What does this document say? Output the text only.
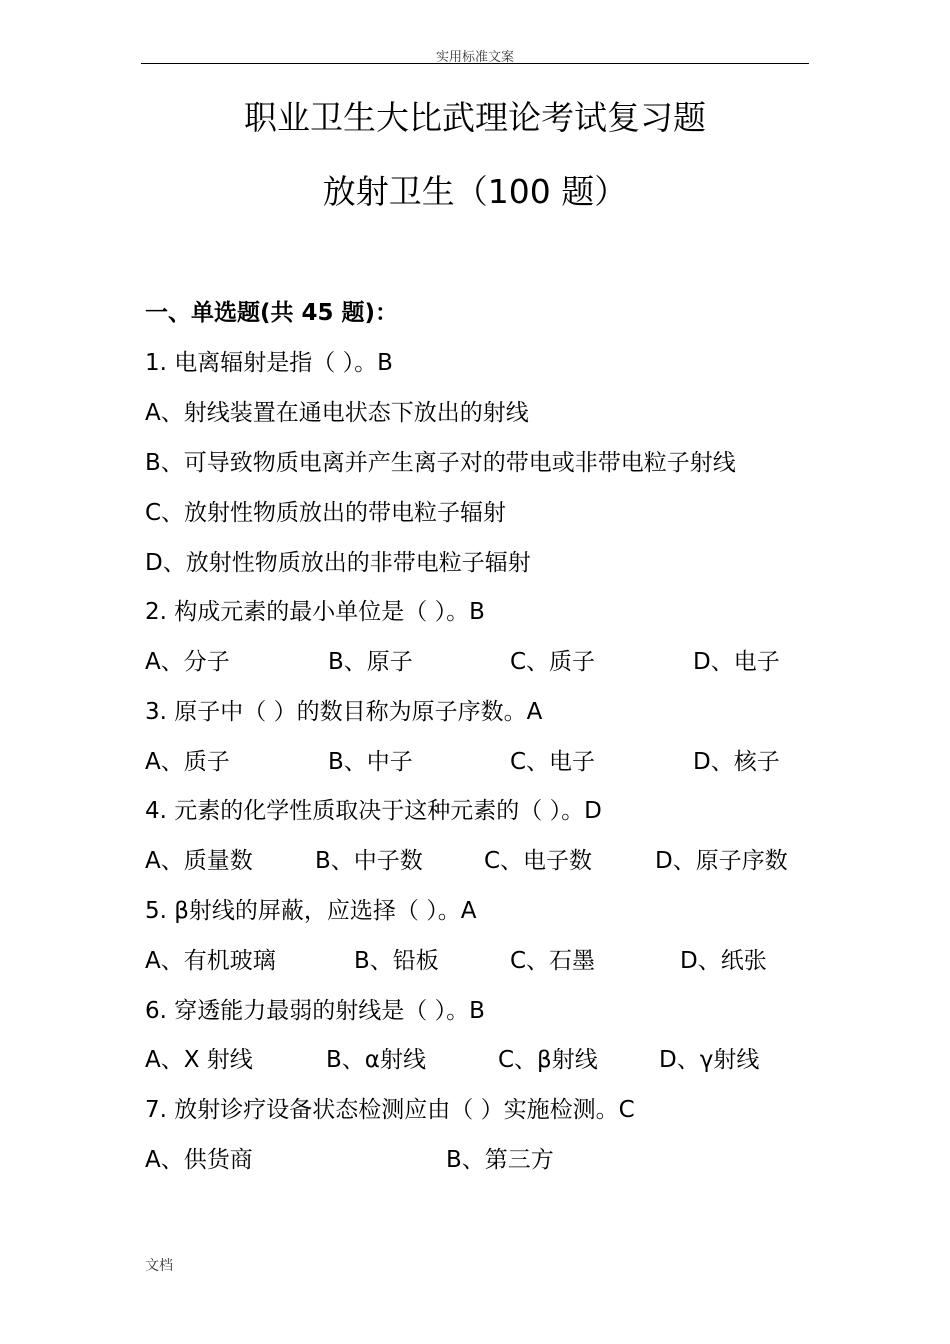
实用标准文案
职业卫生大比武理论考试复习题
放射卫生（100 题）
一、单选题(共 45 题)：
1. 电离辐射是指（ ）。B
A、射线装置在通电状态下放出的射线
B、可导致物质电离并产生离子对的带电或非带电粒子射线
C、放射性物质放出的带电粒子辐射
D、放射性物质放出的非带电粒子辐射
2. 构成元素的最小单位是（ ）。B
A、分子	B、原子	C、质子	D、电子
3. 原子中（ ）的数目称为原子序数。A
A、质子	B、中子	C、电子	D、核子
4. 元素的化学性质取决于这种元素的（ ）。D
A、质量数	B、中子数	C、电子数	D、原子序数
5. β射线的屏蔽，应选择（ ）。A
A、有机玻璃	B、铅板	C、石墨	D、纸张
6. 穿透能力最弱的射线是（ ）。B
A、X 射线	B、α射线	C、β射线	D、γ射线
7. 放射诊疗设备状态检测应由（ ）实施检测。C
A、供货商	B、第三方
文档
